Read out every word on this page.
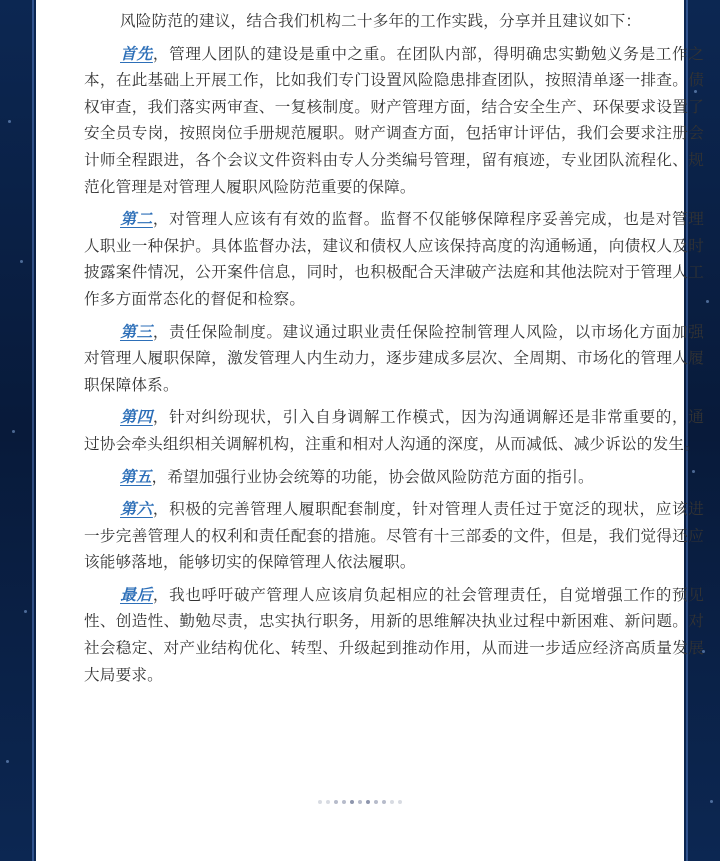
风险防范的建议，结合我们机构二十多年的工作实践，分享并且建议如下：

首先，管理人团队的建设是重中之重。在团队内部，得明确忠实勤勉义务是工作之本，在此基础上开展工作，比如我们专门设置风险隐患排查团队，按照清单逐一排查。债权审查，我们落实两审查、一复核制度。财产管理方面，结合安全生产、环保要求设置了安全员专岗，按照岗位手册规范履职。财产调查方面，包括审计评估，我们会要求注册会计师全程跟进，各个会议文件资料由专人分类编号管理，留有痕迹，专业团队流程化、规范化管理是对管理人履职风险防范重要的保障。

第二，对管理人应该有有效的监督。监督不仅能够保障程序妥善完成，也是对管理人职业一种保护。具体监督办法，建议和债权人应该保持高度的沟通畅通，向债权人及时披露案件情况，公开案件信息，同时，也积极配合天津破产法庭和其他法院对于管理人工作多方面常态化的督促和检察。

第三，责任保险制度。建议通过职业责任保险控制管理人风险，以市场化方面加强对管理人履职保障，激发管理人内生动力，逐步建成多层次、全周期、市场化的管理人履职保障体系。

第四，针对纠纷现状，引入自身调解工作模式，因为沟通调解还是非常重要的，通过协会牵头组织相关调解机构，注重和相对人沟通的深度，从而减低、减少诉讼的发生。

第五，希望加强行业协会统筹的功能，协会做风险防范方面的指引。

第六，积极的完善管理人履职配套制度，针对管理人责任过于宽泛的现状，应该进一步完善管理人的权利和责任配套的措施。尽管有十三部委的文件，但是，我们觉得还应该能够落地，能够切实的保障管理人依法履职。

最后，我也呼吁破产管理人应该肩负起相应的社会管理责任，自觉增强工作的预见性、创造性、勤勉尽责，忠实执行职务，用新的思维解决执业过程中新困难、新问题。对社会稳定、对产业结构优化、转型、升级起到推动作用，从而进一步适应经济高质量发展大局要求。
